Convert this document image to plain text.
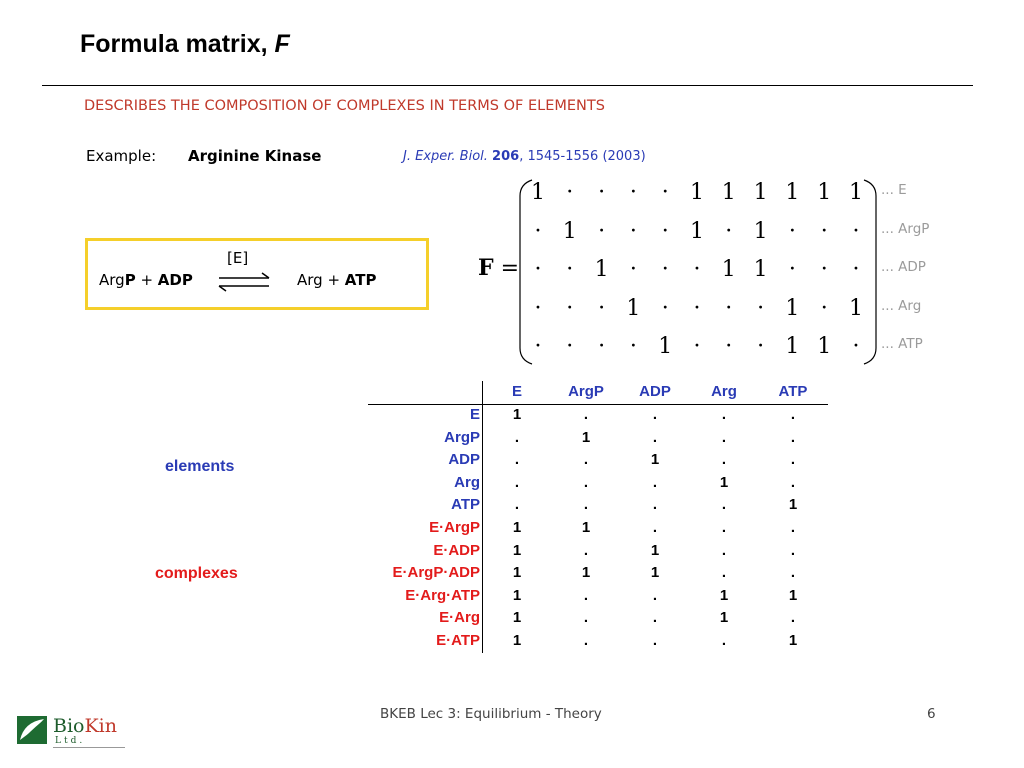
Formula matrix, F
DESCRIBES THE COMPOSITION OF COMPLEXES IN TERMS OF ELEMENTS
Example: Arginine Kinase	J. Exper. Biol. 206, 1545-1556 (2003)
[E]
ArgP + ADP ⇌ Arg + ATP	F =
1 ·	·	·	· 1 1 1 1 1 1
· 1 ·	·	· 1 · 1 ·	·	·
·	· 1 ·	·	· 1 1 ·	·	·
·	·	· 1 ·	·	·	· 1 · 1
·	·	·	· 1 ·	·	· 1 1 ·
... E
... ArgP
... ADP
... Arg
... ATP
elements
complexes
E	ArgP	ADP	Arg	ATP
E	1	.	.	.	.
ArgP	.	1	.	.	.
ADP	.	.	1	.	.
Arg	.	.	.	1	.
ATP	.	.	.	.	1
E·ArgP	1	1	.	.	.
E·ADP	1	.	1	.	.
E·ArgP·ADP	1	1	1	.	.
E·Arg·ATP	1	.	.	1	1
E·Arg	1	.	.	1	.
E·ATP	1	.	.	.	1
BKEB Lec 3: Equilibrium - Theory	6
BioKin
Ltd.
